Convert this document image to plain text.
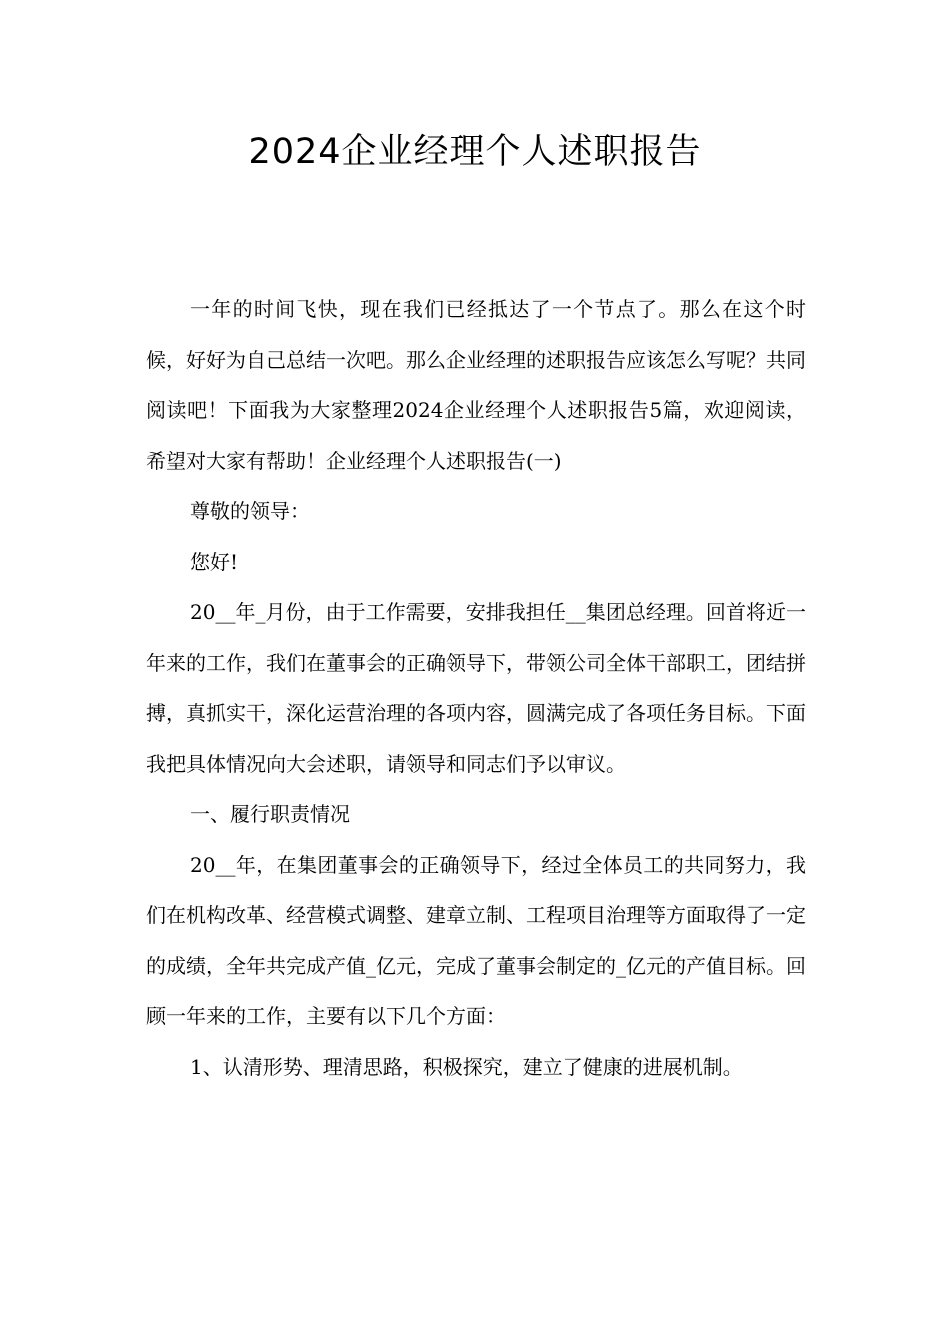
2024企业经理个人述职报告

一年的时间飞快，现在我们已经抵达了一个节点了。那么在这个时候，好好为自己总结一次吧。那么企业经理的述职报告应该怎么写呢？共同阅读吧！下面我为大家整理2024企业经理个人述职报告5篇，欢迎阅读，希望对大家有帮助！企业经理个人述职报告(一)

尊敬的领导：

您好!

20__年_月份，由于工作需要，安排我担任__集团总经理。回首将近一年来的工作，我们在董事会的正确领导下，带领公司全体干部职工，团结拼搏，真抓实干，深化运营治理的各项内容，圆满完成了各项任务目标。下面我把具体情况向大会述职，请领导和同志们予以审议。

一、履行职责情况

20__年，在集团董事会的正确领导下，经过全体员工的共同努力，我们在机构改革、经营模式调整、建章立制、工程项目治理等方面取得了一定的成绩，全年共完成产值_亿元，完成了董事会制定的_亿元的产值目标。回顾一年来的工作，主要有以下几个方面：

1、认清形势、理清思路，积极探究，建立了健康的进展机制。
